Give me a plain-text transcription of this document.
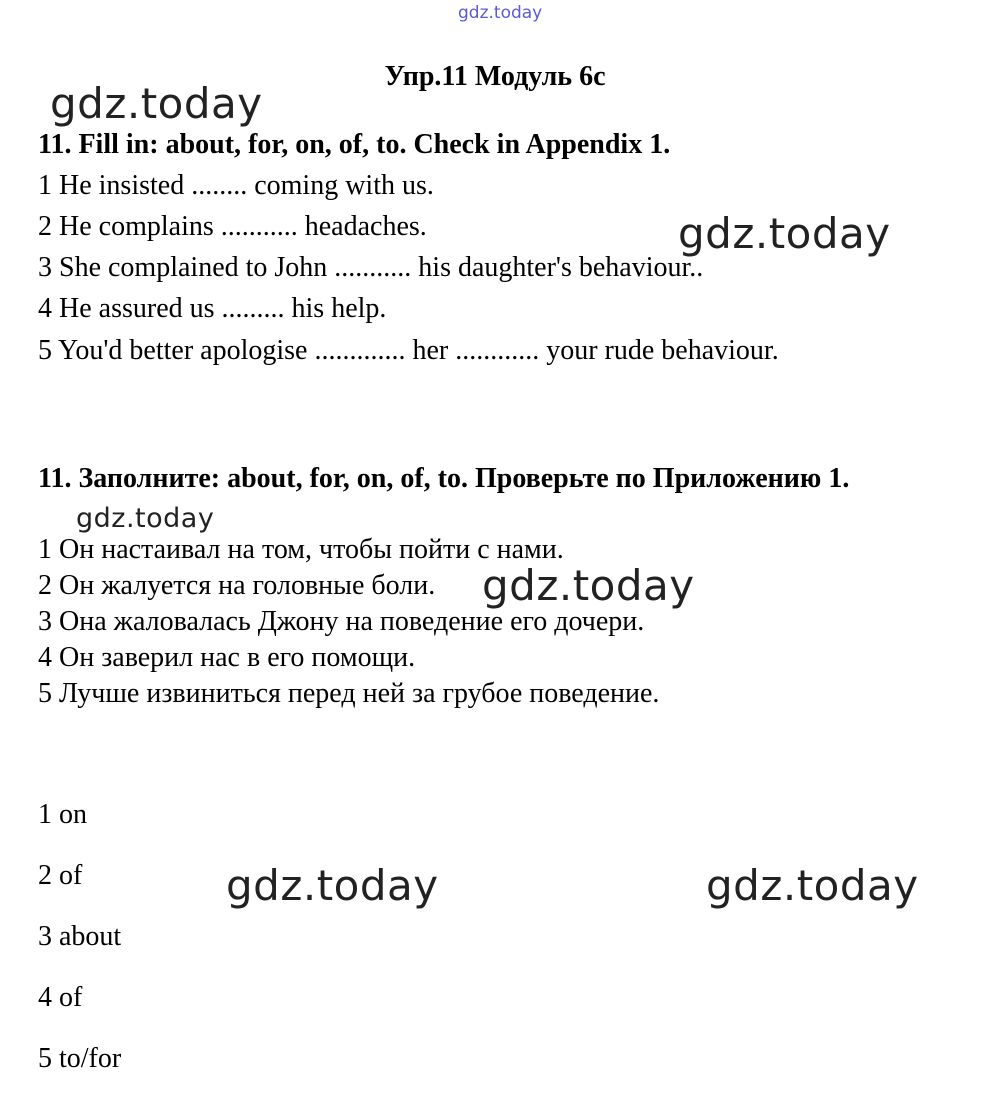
gdz.today
Упр.11 Модуль 6с
gdz.today
11. Fill in: about, for, on, of, to. Check in Appendix 1.
1 He insisted ........ coming with us.
2 He complains ........... headaches.
3 She complained to John ........... his daughter's behaviour..
4 He assured us ......... his help.
5 You'd better apologise ............. her ............ your rude behaviour.
gdz.today
11. Заполните: about, for, on, of, to. Проверьте по Приложению 1.
gdz.today
1 Он настаивал на том, чтобы пойти с нами.
2 Он жалуется на головные боли.
3 Она жаловалась Джону на поведение его дочери.
4 Он заверил нас в его помощи.
5 Лучше извиниться перед ней за грубое поведение.
gdz.today
1 on
2 of
3 about
4 of
5 to/for
gdz.today	gdz.today
